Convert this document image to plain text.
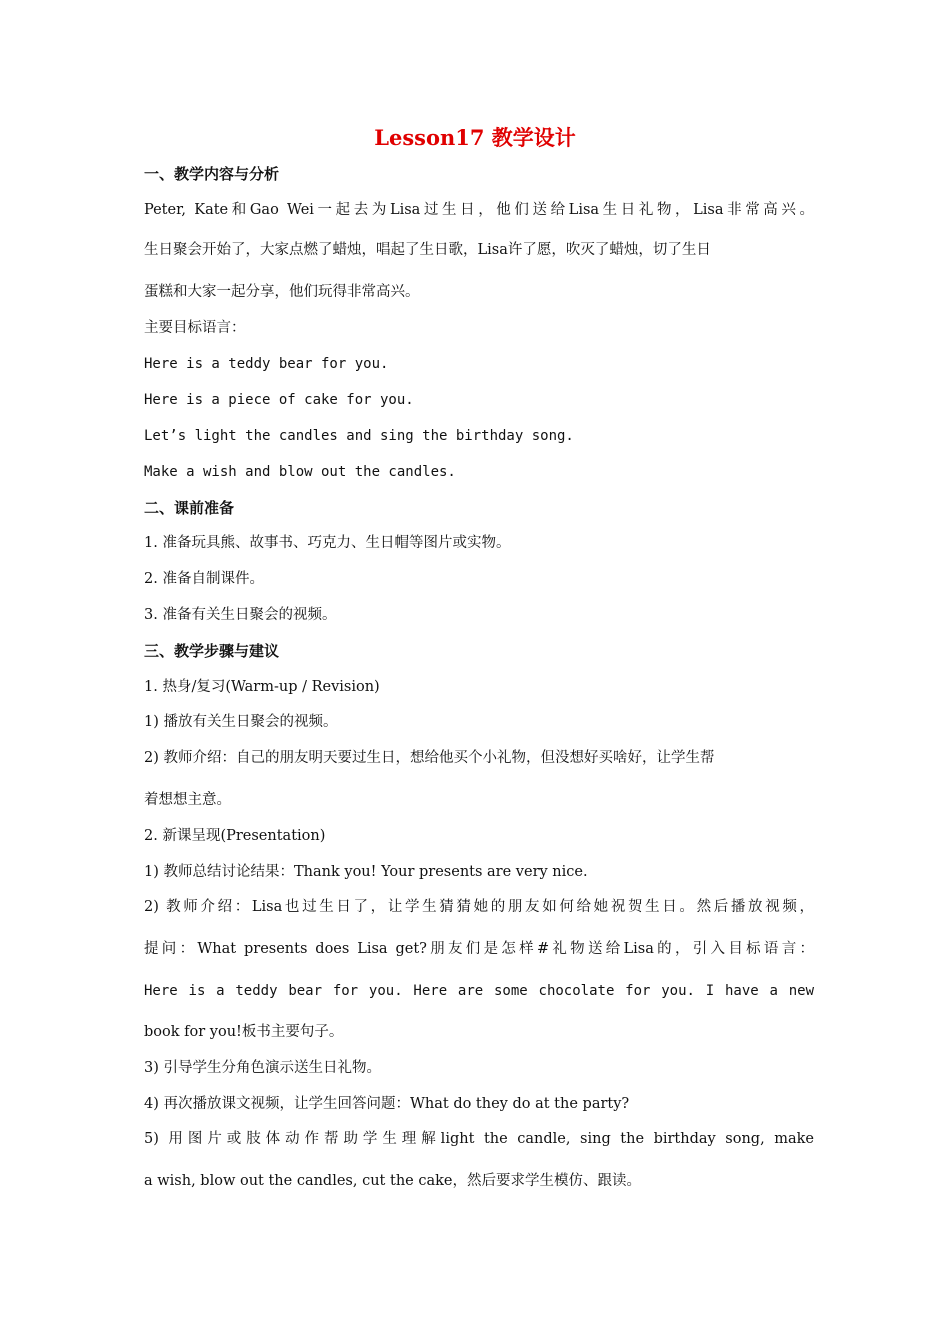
Lesson17 教学设计
一、教学内容与分析
Peter, Kate和Gao Wei一起去为Lisa过生日，他们送给Lisa生日礼物，Lisa非常高兴。
生日聚会开始了，大家点燃了蜡烛，唱起了生日歌，Lisa许了愿，吹灭了蜡烛，切了生日
蛋糕和大家一起分享，他们玩得非常高兴。
主要目标语言：
Here is a teddy bear for you.
Here is a piece of cake for you.
Let’s light the candles and sing the birthday song.
Make a wish and blow out the candles.
二、课前准备
1. 准备玩具熊、故事书、巧克力、生日帽等图片或实物。
2. 准备自制课件。
3. 准备有关生日聚会的视频。
三、教学步骤与建议
1. 热身/复习(Warm-up / Revision)
1) 播放有关生日聚会的视频。
2) 教师介绍：自己的朋友明天要过生日，想给他买个小礼物，但没想好买啥好，让学生帮
着想想主意。
2. 新课呈现(Presentation)
1) 教师总结讨论结果：Thank you! Your presents are very nice.
2) 教师介绍：Lisa也过生日了，让学生猜猜她的朋友如何给她祝贺生日。然后播放视频，
提问：What presents does Lisa get?朋友们是怎样#礼物送给Lisa的，引入目标语言：
Here is a teddy bear for you. Here are some chocolate for you. I have a new
book for you!板书主要句子。
3) 引导学生分角色演示送生日礼物。
4) 再次播放课文视频，让学生回答问题：What do they do at the party?
5) 用图片或肢体动作帮助学生理解light the candle, sing the birthday song, make
a wish, blow out the candles, cut the cake，然后要求学生模仿、跟读。
